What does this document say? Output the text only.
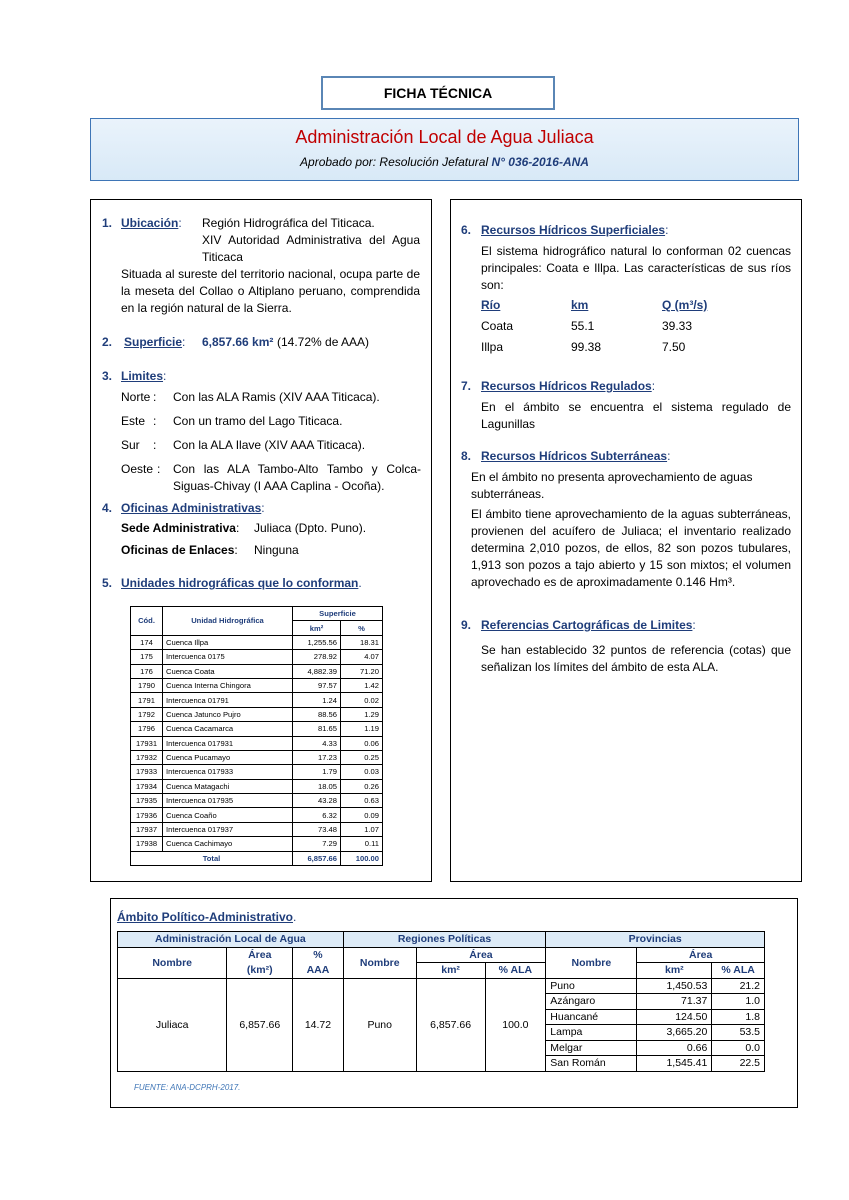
FICHA TÉCNICA
Administración Local de Agua Juliaca
Aprobado por: Resolución Jefatural N° 036-2016-ANA
1. Ubicación: Región Hidrográfica del Titicaca.
XIV Autoridad Administrativa del Agua Titicaca
Situada al sureste del territorio nacional, ocupa parte de la meseta del Collao o Altiplano peruano, comprendida en la región natural de la Sierra.
2. Superficie: 6,857.66 km² (14.72% de AAA)
3. Limites:
Norte : Con las ALA Ramis (XIV AAA Titicaca).
Este : Con un tramo del Lago Titicaca.
Sur : Con la ALA Ilave (XIV AAA Titicaca).
Oeste : Con las ALA Tambo-Alto Tambo y Colca-Siguas-Chivay (I AAA Caplina - Ocoña).
4. Oficinas Administrativas:
Sede Administrativa: Juliaca (Dpto. Puno).
Oficinas de Enlaces: Ninguna
5. Unidades hidrográficas que lo conforman.
Cód.	Unidad Hidrográfica	Superficie	
		km²	%
174	Cuenca Illpa	1,255.56	18.31
175	Intercuenca 0175	278.92	4.07
176	Cuenca Coata	4,882.39	71.20
1790	Cuenca Interna Chingora	97.57	1.42
1791	Intercuenca 01791	1.24	0.02
1792	Cuenca Jatunco Pujro	88.56	1.29
1796	Cuenca Cacamarca	81.65	1.19
17931	Intercuenca 017931	4.33	0.06
17932	Cuenca Pucamayo	17.23	0.25
17933	Intercuenca 017933	1.79	0.03
17934	Cuenca Matagachi	18.05	0.26
17935	Intercuenca 017935	43.28	0.63
17936	Cuenca Coaño	6.32	0.09
17937	Intercuenca 017937	73.48	1.07
17938	Cuenca Cachimayo	7.29	0.11
Total		6,857.66	100.00
6. Recursos Hídricos Superficiales:
El sistema hidrográfico natural lo conforman 02 cuencas principales: Coata e Illpa. Las características de sus ríos son:
Río	km	Q (m³/s)
Coata	55.1	39.33
Illpa	99.38	7.50
7. Recursos Hídricos Regulados:
En el ámbito se encuentra el sistema regulado de Lagunillas
8. Recursos Hídricos Subterráneas:
En el ámbito no presenta aprovechamiento de aguas subterráneas.
El ámbito tiene aprovechamiento de la aguas subterráneas, provienen del acuífero de Juliaca; el inventario realizado determina 2,010 pozos, de ellos, 82 son pozos tubulares, 1,913 son pozos a tajo abierto y 15 son mixtos; el volumen aprovechado es de aproximadamente 0.146 Hm³.
9. Referencias Cartográficas de Limites:
Se han establecido 32 puntos de referencia (cotas) que señalizan los límites del ámbito de esta ALA.
Ámbito Político-Administrativo.
Administración Local de Agua			Regiones Políticas			Provincias		
Nombre	Área	%	Nombre	Área		Nombre	Área	
	(km²)	AAA		km²	% ALA		km²	% ALA
Juliaca	6,857.66	14.72	Puno	6,857.66	100.0	Puno	1,450.53	21.2
						Azángaro	71.37	1.0
						Huancané	124.50	1.8
						Lampa	3,665.20	53.5
						Melgar	0.66	0.0
						San Román	1,545.41	22.5
FUENTE: ANA-DCPRH-2017.
